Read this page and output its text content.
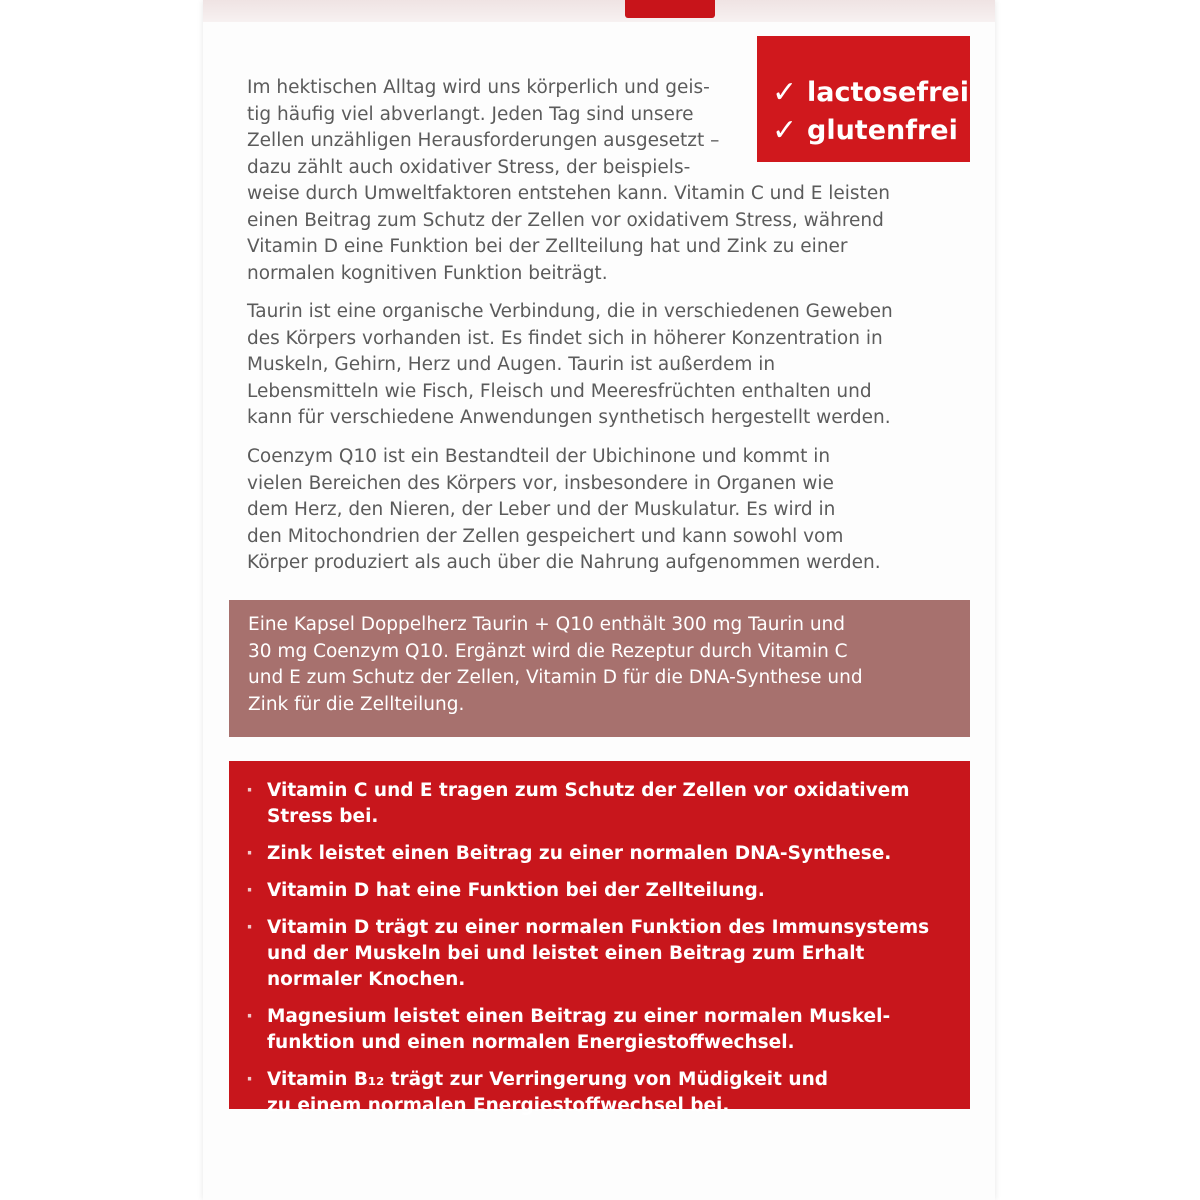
✓ lactosefrei
✓ glutenfrei
Im hektischen Alltag wird uns körperlich und geis-
tig häufig viel abverlangt. Jeden Tag sind unsere
Zellen unzähligen Herausforderungen ausgesetzt –
dazu zählt auch oxidativer Stress, der beispiels-
weise durch Umweltfaktoren entstehen kann. Vitamin C und E leisten
einen Beitrag zum Schutz der Zellen vor oxidativem Stress, während
Vitamin D eine Funktion bei der Zellteilung hat und Zink zu einer
normalen kognitiven Funktion beiträgt.
Taurin ist eine organische Verbindung, die in verschiedenen Geweben
des Körpers vorhanden ist. Es findet sich in höherer Konzentration in
Muskeln, Gehirn, Herz und Augen. Taurin ist außerdem in
Lebensmitteln wie Fisch, Fleisch und Meeresfrüchten enthalten und
kann für verschiedene Anwendungen synthetisch hergestellt werden.
Coenzym Q10 ist ein Bestandteil der Ubichinone und kommt in
vielen Bereichen des Körpers vor, insbesondere in Organen wie
dem Herz, den Nieren, der Leber und der Muskulatur. Es wird in
den Mitochondrien der Zellen gespeichert und kann sowohl vom
Körper produziert als auch über die Nahrung aufgenommen werden.
Eine Kapsel Doppelherz Taurin + Q10 enthält 300 mg Taurin und
30 mg Coenzym Q10. Ergänzt wird die Rezeptur durch Vitamin C
und E zum Schutz der Zellen, Vitamin D für die DNA-Synthese und
Zink für die Zellteilung.
· Vitamin C und E tragen zum Schutz der Zellen vor oxidativem
Stress bei.
· Zink leistet einen Beitrag zu einer normalen DNA-Synthese.
· Vitamin D hat eine Funktion bei der Zellteilung.
· Vitamin D trägt zu einer normalen Funktion des Immunsystems
und der Muskeln bei und leistet einen Beitrag zum Erhalt
normaler Knochen.
· Magnesium leistet einen Beitrag zu einer normalen Muskel-
funktion und einen normalen Energiestoffwechsel.
· Vitamin B₁₂ trägt zur Verringerung von Müdigkeit und
zu einem normalen Energiestoffwechsel bei.
